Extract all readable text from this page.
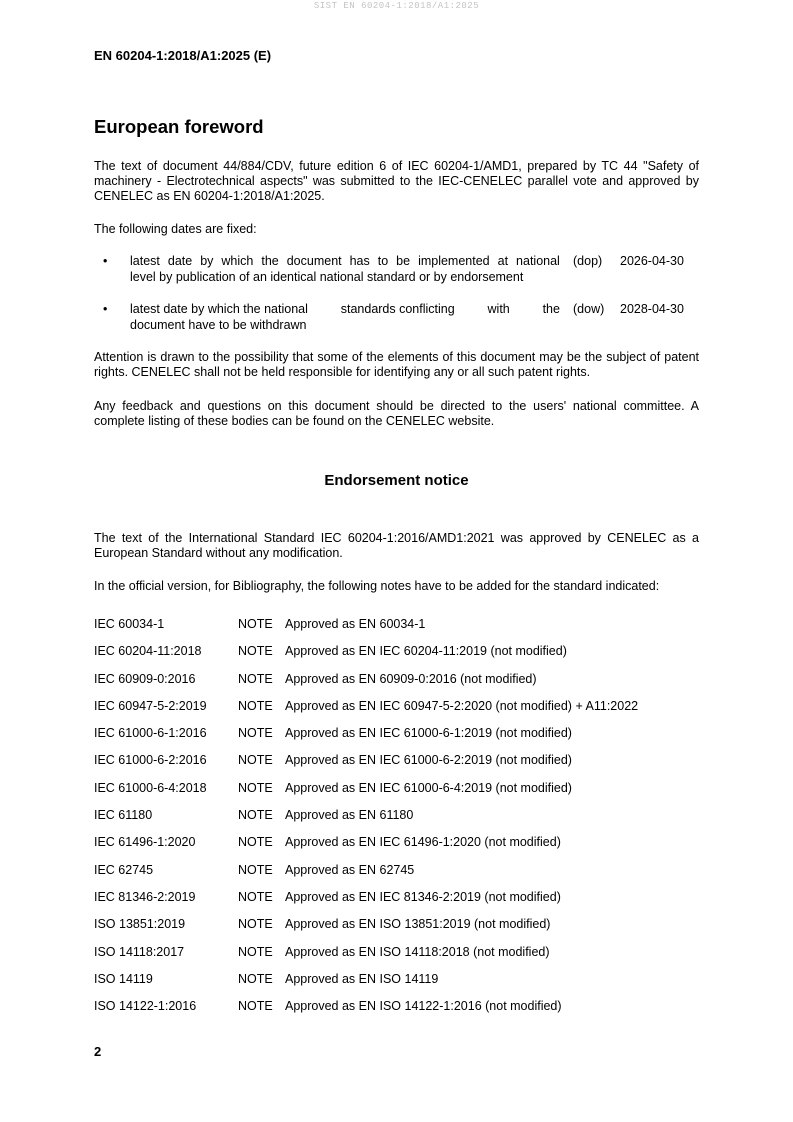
SIST EN 60204-1:2018/A1:2025
EN 60204-1:2018/A1:2025 (E)
European foreword

The text of document 44/884/CDV, future edition 6 of IEC 60204-1/AMD1, prepared by TC 44 "Safety of machinery - Electrotechnical aspects" was submitted to the IEC-CENELEC parallel vote and approved by CENELEC as EN 60204-1:2018/A1:2025.

The following dates are fixed:

• latest date by which the document has to be implemented at national
level by publication of an identical national standard or by endorsement
(dop) 2026-04-30
• latest date by which the national	standards conflicting	with	the
document have to be withdrawn
(dow) 2028-04-30

Attention is drawn to the possibility that some of the elements of this document may be the subject of patent rights. CENELEC shall not be held responsible for identifying any or all such patent rights.

Any feedback and questions on this document should be directed to the users' national committee. A complete listing of these bodies can be found on the CENELEC website.

Endorsement notice

The text of the International Standard IEC 60204-1:2016/AMD1:2021 was approved by CENELEC as a European Standard without any modification.

In the official version, for Bibliography, the following notes have to be added for the standard indicated:

IEC 60034-1	NOTE Approved as EN 60034-1
IEC 60204-11:2018	NOTE Approved as EN IEC 60204-11:2019 (not modified)
IEC 60909-0:2016	NOTE Approved as EN 60909-0:2016 (not modified)
IEC 60947-5-2:2019	NOTE Approved as EN IEC 60947-5-2:2020 (not modified) + A11:2022
IEC 61000-6-1:2016	NOTE Approved as EN IEC 61000-6-1:2019 (not modified)
IEC 61000-6-2:2016	NOTE Approved as EN IEC 61000-6-2:2019 (not modified)
IEC 61000-6-4:2018	NOTE Approved as EN IEC 61000-6-4:2019 (not modified)
IEC 61180	NOTE Approved as EN 61180
IEC 61496-1:2020	NOTE Approved as EN IEC 61496-1:2020 (not modified)
IEC 62745	NOTE Approved as EN 62745
IEC 81346-2:2019	NOTE Approved as EN IEC 81346-2:2019 (not modified)
ISO 13851:2019	NOTE Approved as EN ISO 13851:2019 (not modified)
ISO 14118:2017	NOTE Approved as EN ISO 14118:2018 (not modified)
ISO 14119	NOTE Approved as EN ISO 14119
ISO 14122-1:2016	NOTE Approved as EN ISO 14122-1:2016 (not modified)
2
